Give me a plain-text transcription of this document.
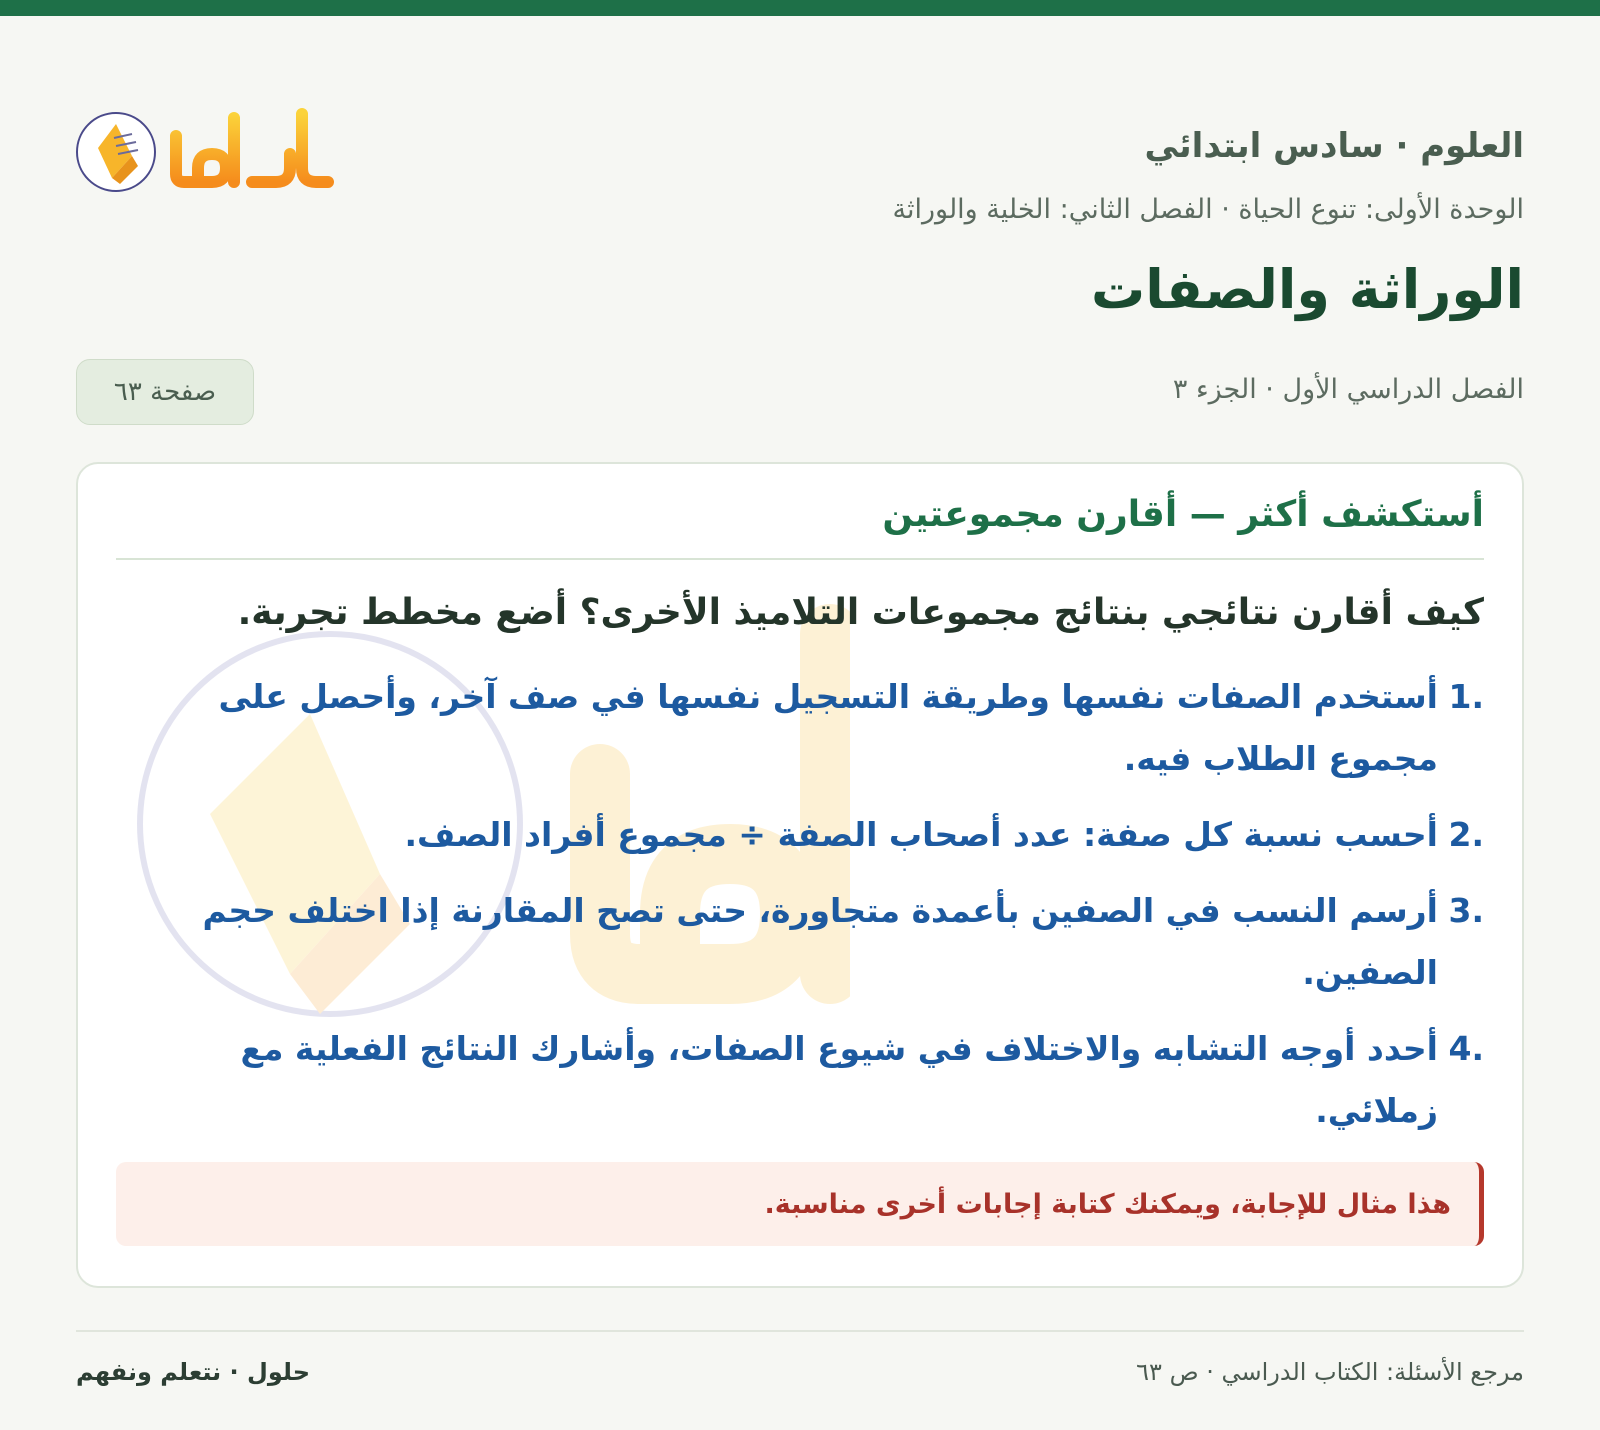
العلوم · سادس ابتدائي

الوحدة الأولى: تنوع الحياة · الفصل الثاني: الخلية والوراثة

الوراثة والصفات

الفصل الدراسي الأول · الجزء ٣

صفحة ٦٣
أستكشف أكثر — أقارن مجموعتين

كيف أقارن نتائجي بنتائج مجموعات التلاميذ الأخرى؟ أضع مخطط تجربة.

.1
أستخدم الصفات نفسها وطريقة التسجيل نفسها في صف آخر، وأحصل على مجموع الطلاب فيه.
.2
أحسب نسبة كل صفة: عدد أصحاب الصفة ÷ مجموع أفراد الصف.
.3
أرسم النسب في الصفين بأعمدة متجاورة، حتى تصح المقارنة إذا اختلف حجم الصفين.
.4
أحدد أوجه التشابه والاختلاف في شيوع الصفات، وأشارك النتائج الفعلية مع زملائي.
هذا مثال للإجابة، ويمكنك كتابة إجابات أخرى مناسبة.

مرجع الأسئلة: الكتاب الدراسي · ص ٦٣

حلول · نتعلم ونفهم
